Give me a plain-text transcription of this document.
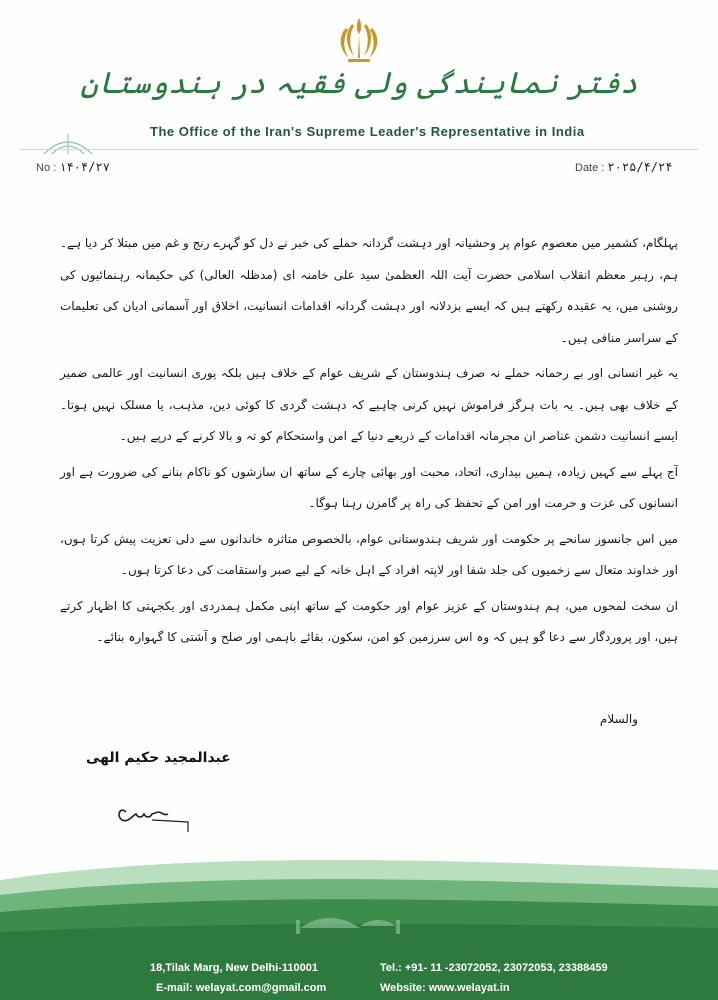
دفتر نمایندگی ولی فقیہ در ہندوستان
The Office of the Iran's Supreme Leader's Representative in India
No : ۱۴۰۴/۲۷	Date : ۲۰۲۵/۴/۲۴

پہلگام، کشمیر میں معصوم عوام پر وحشیانہ اور دہشت گردانہ حملے کی خبر نے دل کو گہرے رنج و غم میں مبتلا کر دیا ہے۔ ہم، رہبر معظم انقلاب اسلامی حضرت آیت اللہ العظمیٰ سید علی خامنہ ای (مدظلہ العالی) کی حکیمانہ رہنمائیوں کی روشنی میں، یہ عقیدہ رکھتے ہیں کہ ایسے بزدلانہ اور دہشت گردانہ اقدامات انسانیت، اخلاق اور آسمانی ادیان کی تعلیمات کے سراسر منافی ہیں۔

یہ غیر انسانی اور بے رحمانہ حملے نہ صرف ہندوستان کے شریف عوام کے خلاف ہیں بلکہ پوری انسانیت اور عالمی ضمیر کے خلاف بھی ہیں۔ یہ بات ہرگز فراموش نہیں کرنی چاہیے کہ دہشت گردی کا کوئی دین، مذہب، یا مسلک نہیں ہوتا۔ ایسے انسانیت دشمن عناصر ان مجرمانہ اقدامات کے ذریعے دنیا کے امن واستحکام کو تہ و بالا کرنے کے درپے ہیں۔

آج پہلے سے کہیں زیادہ، ہمیں بیداری، اتحاد، محبت اور بھائی چارے کے ساتھ ان سازشوں کو ناکام بنانے کی ضرورت ہے اور انسانوں کی عزت و حرمت اور امن کے تحفظ کی راہ پر گامزن رہنا ہوگا۔

میں اس جانسوز سانحے پر حکومت اور شریف ہندوستانی عوام، بالخصوص متاثرہ خاندانوں سے دلی تعزیت پیش کرتا ہوں، اور خداوند متعال سے زخمیوں کی جلد شفا اور لاپتہ افراد کے اہل خانہ کے لیے صبر واستقامت کی دعا کرتا ہوں۔

ان سخت لمحوں میں، ہم ہندوستان کے عزیز عوام اور حکومت کے ساتھ اپنی مکمل ہمدردی اور یکجہتی کا اظہار کرتے ہیں، اور پروردگار سے دعا گو ہیں کہ وہ اس سرزمین کو امن، سکون، بقائے باہمی اور صلح و آشتی کا گہوارہ بنائے۔

والسلام
عبدالمجید حکیم الهی
18,Tilak Marg, New Delhi-110001
E-mail: welayat.com@gmail.com
Tel.: +91- 11 -23072052, 23072053, 23388459
Website: www.welayat.in
